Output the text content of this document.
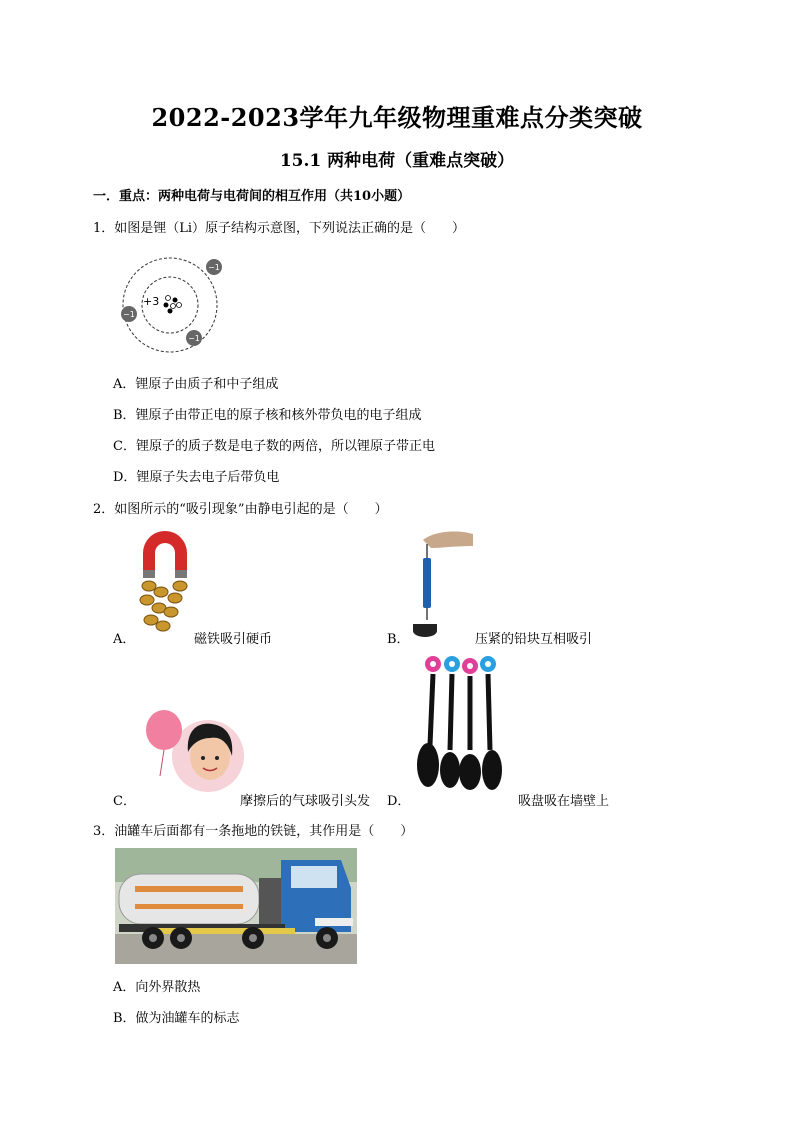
2022-2023学年九年级物理重难点分类突破
15.1 两种电荷（重难点突破）
一．重点：两种电荷与电荷间的相互作用（共10小题）
1．如图是锂（Li）原子结构示意图，下列说法正确的是（　　）
+3
−1
−1
−1
A．锂原子由质子和中子组成
B．锂原子由带正电的原子核和核外带负电的电子组成
C．锂原子的质子数是电子数的两倍，所以锂原子带正电
D．锂原子失去电子后带负电
2．如图所示的“吸引现象”由静电引起的是（　　）
A．	磁铁吸引硬币	B．	压紧的铅块互相吸引
C．	摩擦后的气球吸引头发 D．	吸盘吸在墙壁上
3．油罐车后面都有一条拖地的铁链，其作用是（　　）
A．向外界散热
B．做为油罐车的标志
